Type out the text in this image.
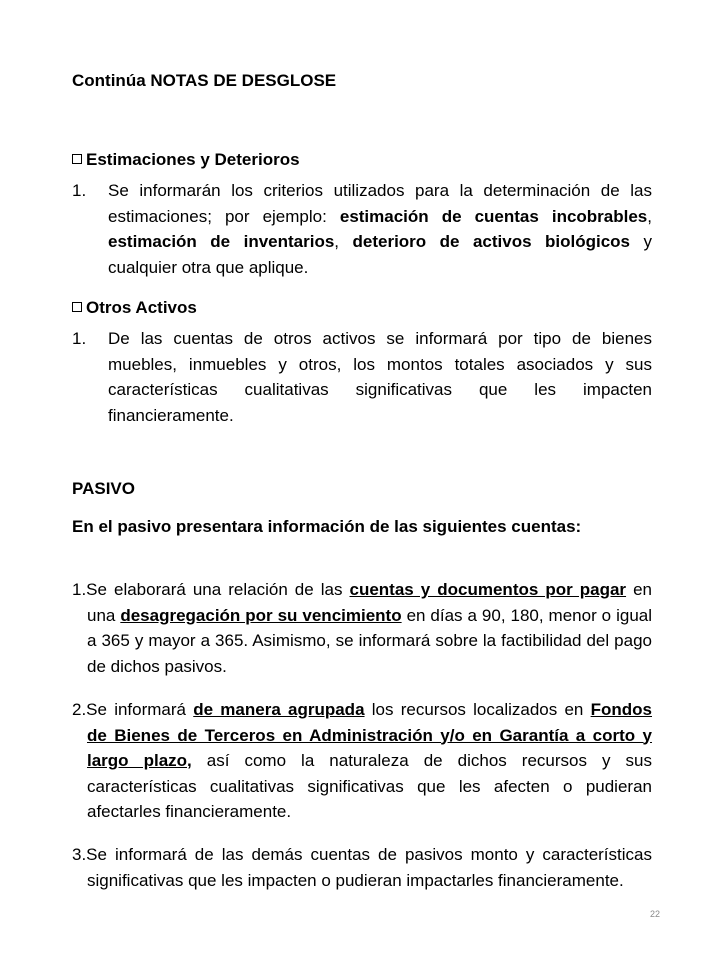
Continúa NOTAS DE DESGLOSE
Estimaciones y Deterioros
1. Se informarán los criterios utilizados para la determinación de las estimaciones; por ejemplo: estimación de cuentas incobrables, estimación de inventarios, deterioro de activos biológicos y cualquier otra que aplique.
Otros Activos
1. De las cuentas de otros activos se informará por tipo de bienes muebles, inmuebles y otros, los montos totales asociados y sus características cualitativas significativas que les impacten financieramente.
PASIVO
En el pasivo presentara información de las siguientes cuentas:
1.Se elaborará una relación de las cuentas y documentos por pagar en una desagregación por su vencimiento en días a 90, 180, menor o igual a 365 y mayor a 365. Asimismo, se informará sobre la factibilidad del pago de dichos pasivos.
2.Se informará de manera agrupada los recursos localizados en Fondos de Bienes de Terceros en Administración y/o en Garantía a corto y largo plazo, así como la naturaleza de dichos recursos y sus características cualitativas significativas que les afecten o pudieran afectarles financieramente.
3.Se informará de las demás cuentas de pasivos monto y características significativas que les impacten o pudieran impactarles financieramente.
22
